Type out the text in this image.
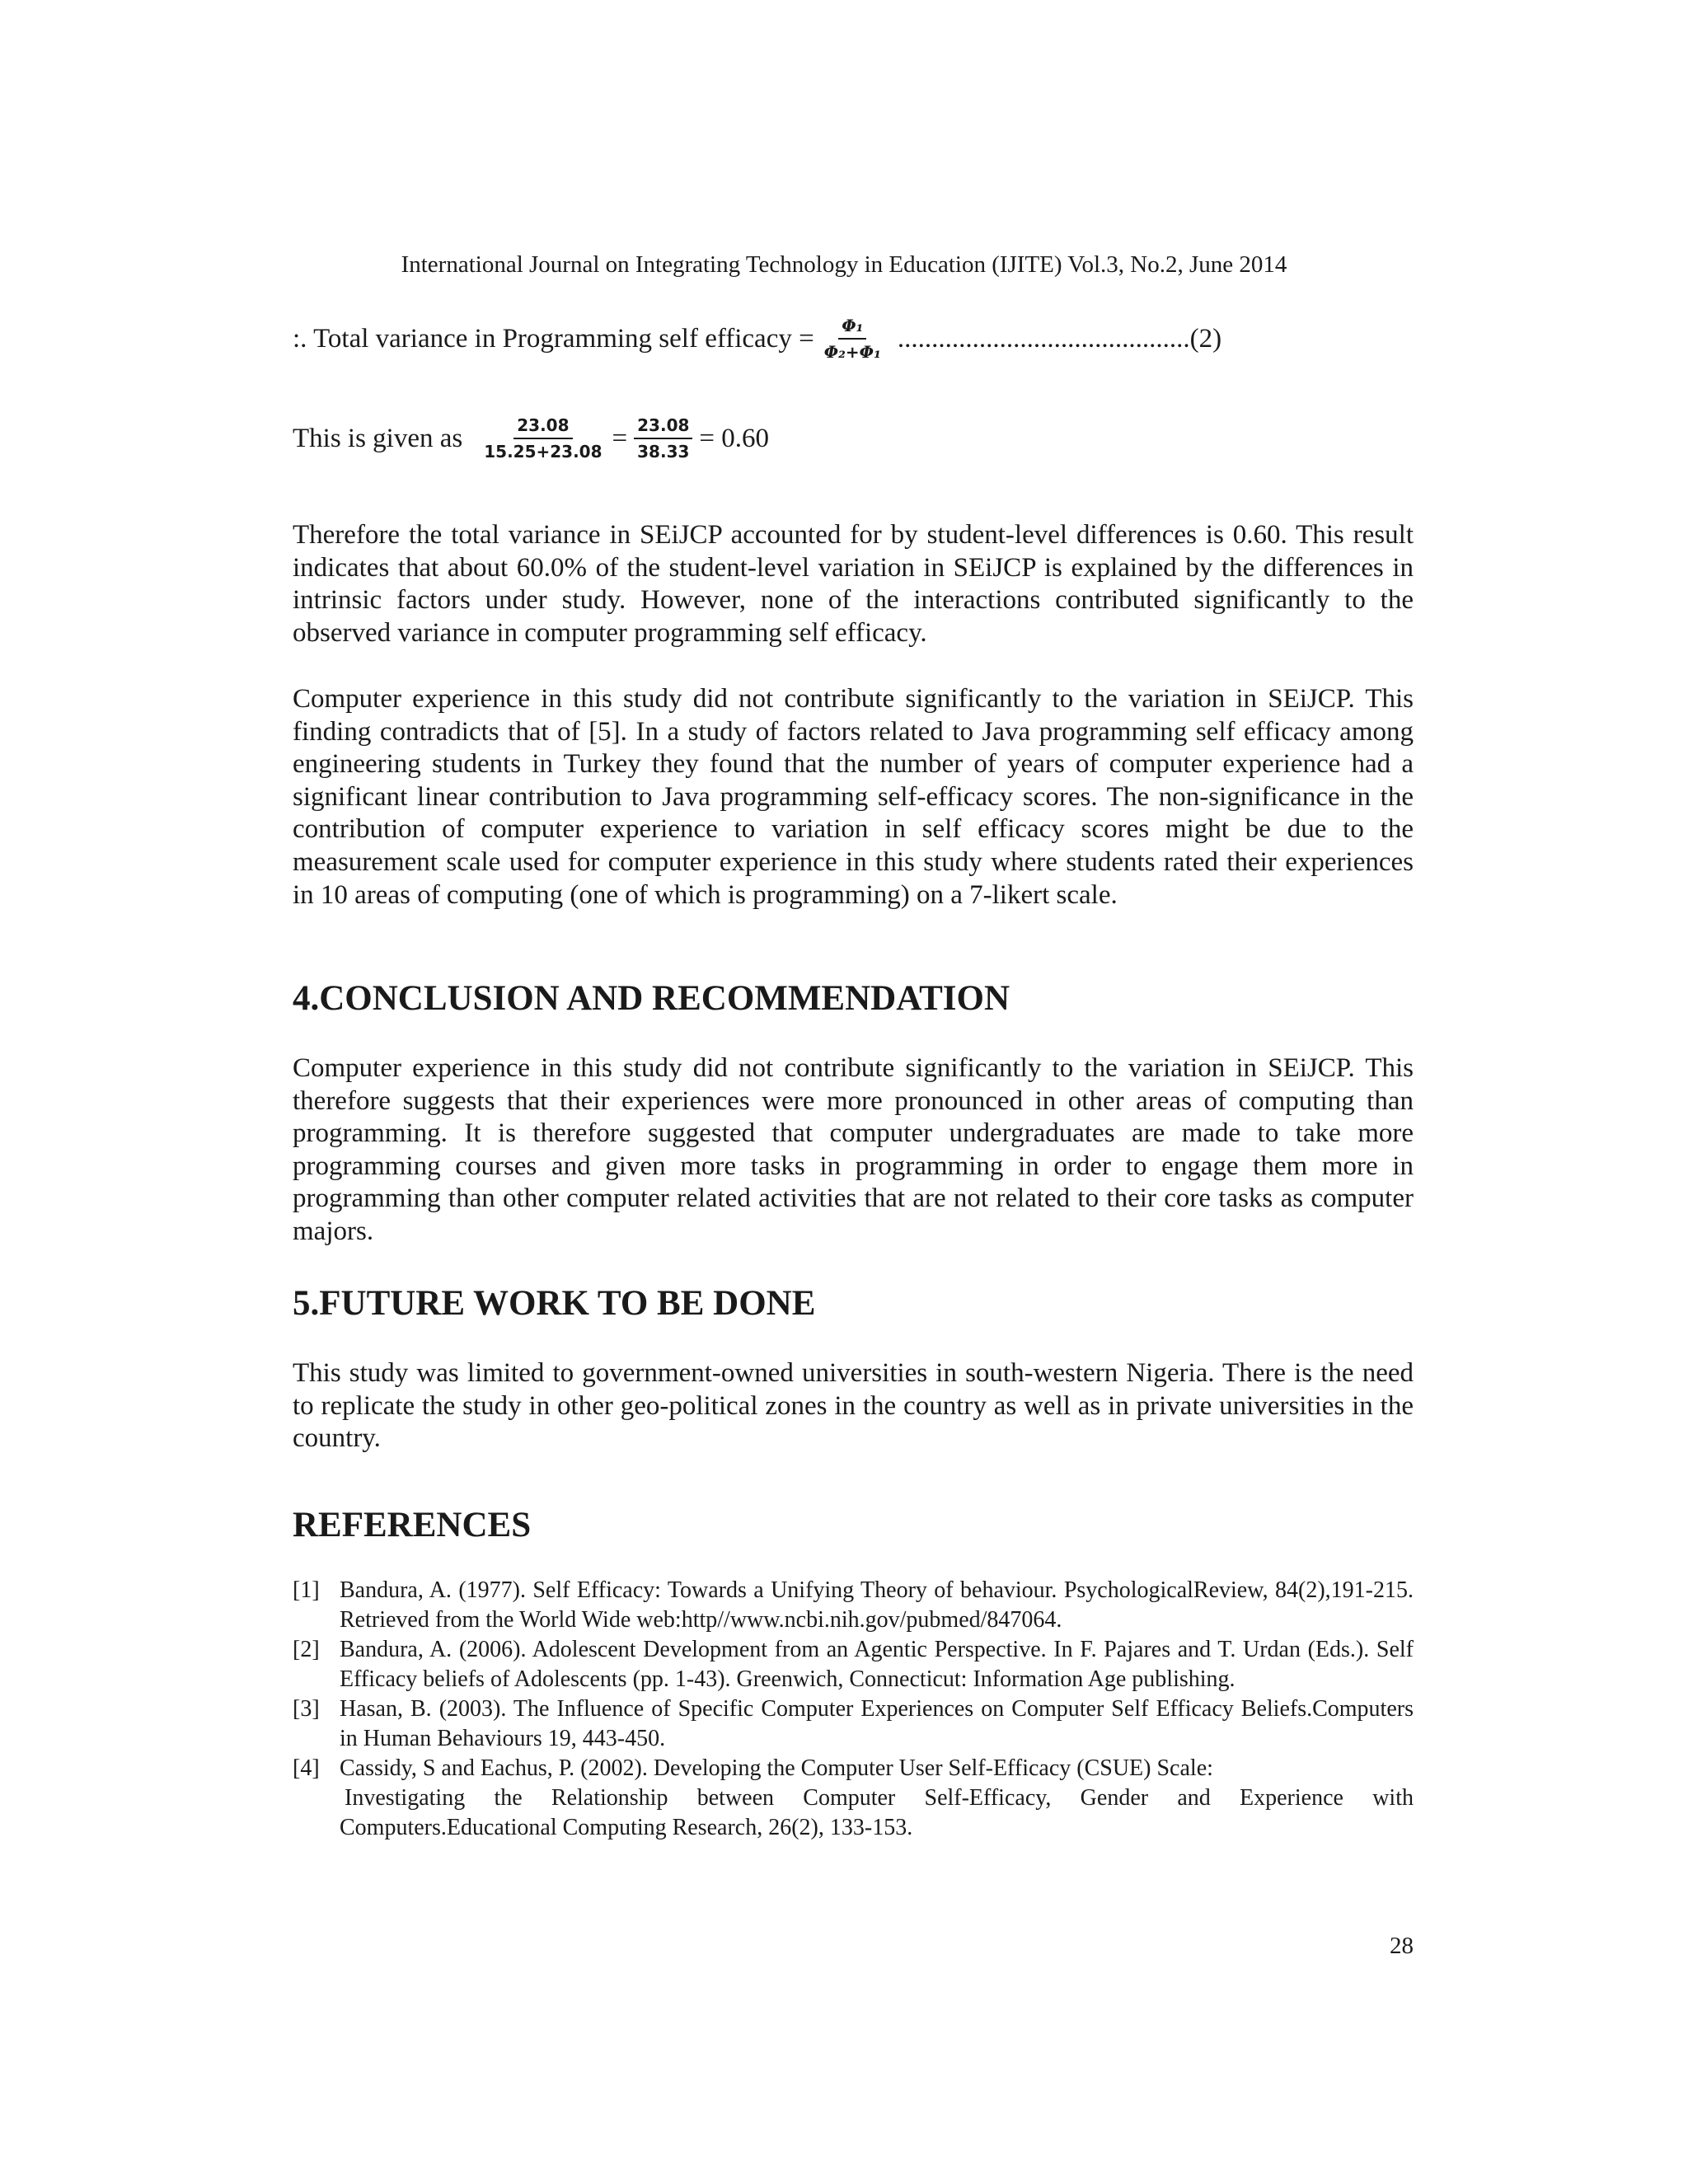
International Journal on Integrating Technology in Education (IJITE) Vol.3, No.2, June 2014
:. Total variance in Programming self efficacy = $\frac{\text{Φ₁}}{\text{Φ₂+Φ₁}} ...........................................(2)$
This is given as $\frac{23.08}{15.25+23.08} = \frac{23.08}{38.33} = 0.60$

Therefore the total variance in SEiJCP accounted for by student-level differences is 0.60. This result indicates that about 60.0% of the student-level variation in SEiJCP is explained by the differences in intrinsic factors under study. However, none of the interactions contributed significantly to the observed variance in computer programming self efficacy.

Computer experience in this study did not contribute significantly to the variation in SEiJCP. This finding contradicts that of [5]. In a study of factors related to Java programming self efficacy among engineering students in Turkey they found that the number of years of computer experience had a significant linear contribution to Java programming self-efficacy scores. The non-significance in the contribution of computer experience to variation in self efficacy scores might be due to the measurement scale used for computer experience in this study where students rated their experiences in 10 areas of computing (one of which is programming) on a 7-likert scale.

4.CONCLUSION AND RECOMMENDATION

Computer experience in this study did not contribute significantly to the variation in SEiJCP. This therefore suggests that their experiences were more pronounced in other areas of computing than programming. It is therefore suggested that computer undergraduates are made to take more programming courses and given more tasks in programming in order to engage them more in programming than other computer related activities that are not related to their core tasks as computer majors.

5.FUTURE WORK TO BE DONE

This study was limited to government-owned universities in south-western Nigeria. There is the need to replicate the study in other geo-political zones in the country as well as in private universities in the country.

REFERENCES
[1] Bandura, A. (1977). Self Efficacy: Towards a Unifying Theory of behaviour. PsychologicalReview, 84(2),191-215. Retrieved from the World Wide web:http//www.ncbi.nih.gov/pubmed/847064.
[2] Bandura, A. (2006). Adolescent Development from an Agentic Perspective. In F. Pajares and T. Urdan (Eds.). Self Efficacy beliefs of Adolescents (pp. 1-43). Greenwich, Connecticut: Information Age publishing.
[3] Hasan, B. (2003). The Influence of Specific Computer Experiences on Computer Self Efficacy Beliefs.Computers in Human Behaviours 19, 443-450.
[4] Cassidy, S and Eachus, P. (2002). Developing the Computer User Self-Efficacy (CSUE) Scale:
Investigating the Relationship between Computer Self-Efficacy, Gender and Experience with Computers.Educational Computing Research, 26(2), 133-153.
28
